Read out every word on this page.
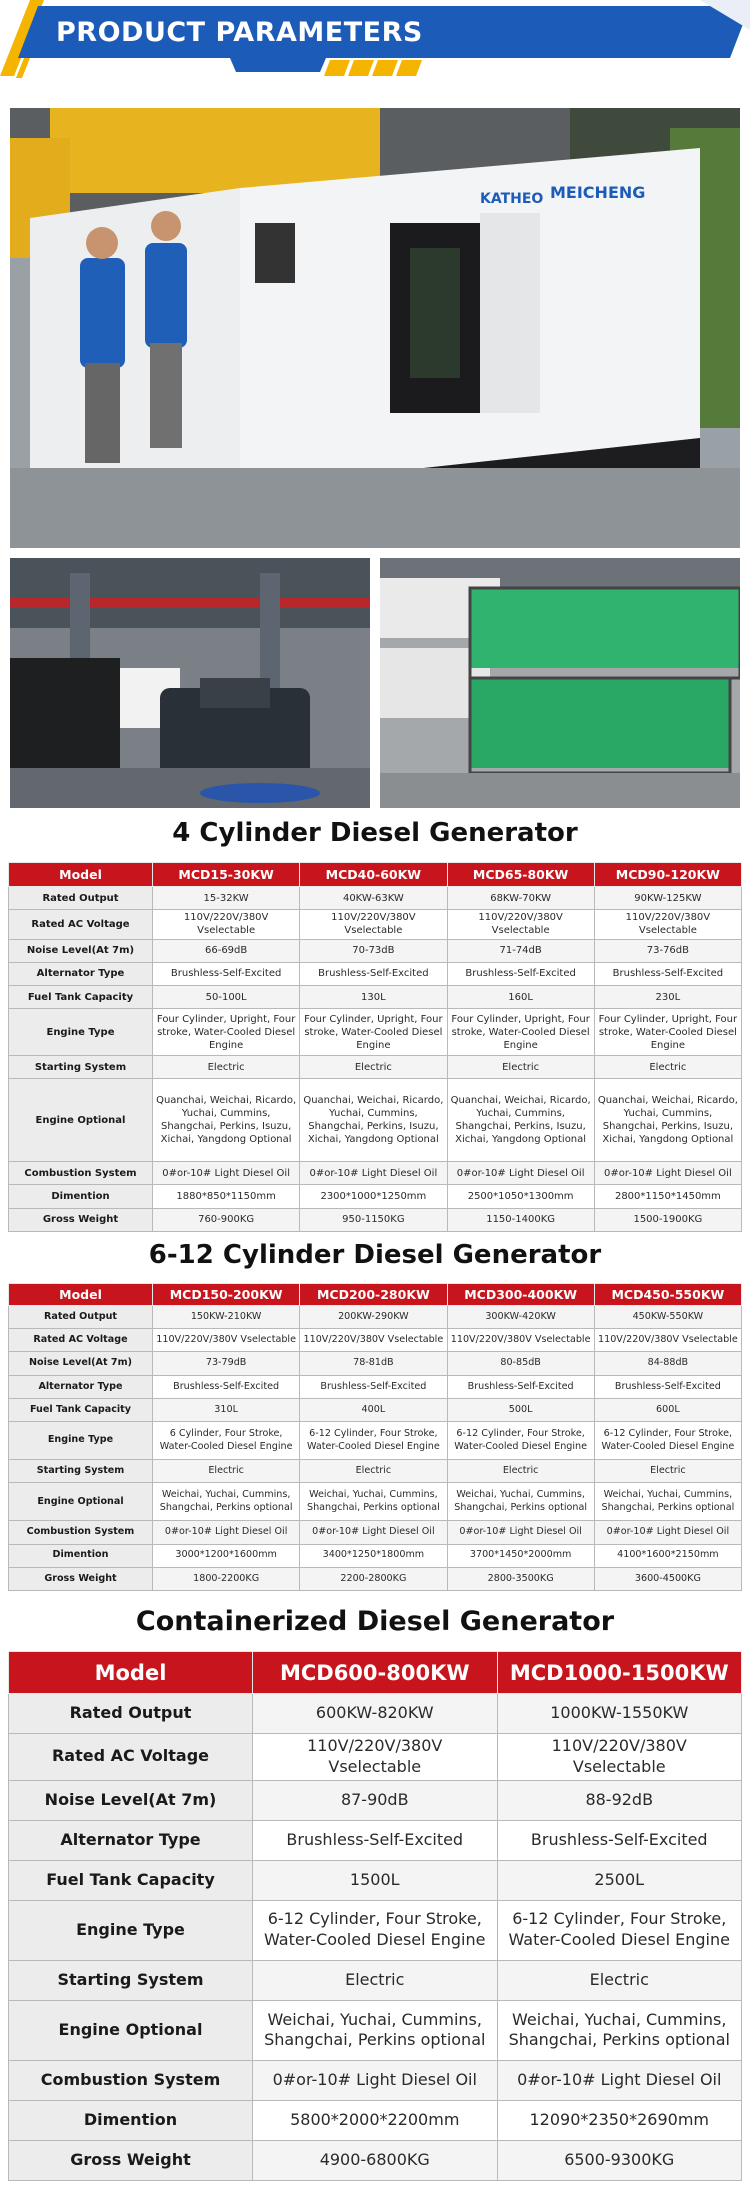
PRODUCT PARAMETERS
KATHEO MEICHENG
4 Cylinder Diesel Generator
Model	MCD15-30KW	MCD40-60KW	MCD65-80KW	MCD90-120KW
Rated Output	15-32KW	40KW-63KW	68KW-70KW	90KW-125KW
Rated AC Voltage	110V/220V/380V Vselectable	110V/220V/380V Vselectable	110V/220V/380V Vselectable	110V/220V/380V Vselectable
Noise Level(At 7m)	66-69dB	70-73dB	71-74dB	73-76dB
Alternator Type	Brushless-Self-Excited	Brushless-Self-Excited	Brushless-Self-Excited	Brushless-Self-Excited
Fuel Tank Capacity	50-100L	130L	160L	230L
Engine Type	Four Cylinder, Upright, Four stroke, Water-Cooled Diesel Engine	Four Cylinder, Upright, Four stroke, Water-Cooled Diesel Engine	Four Cylinder, Upright, Four stroke, Water-Cooled Diesel Engine	Four Cylinder, Upright, Four stroke, Water-Cooled Diesel Engine
Starting System	Electric	Electric	Electric	Electric
Engine Optional	Quanchai, Weichai, Ricardo, Yuchai, Cummins, Shangchai, Perkins, Isuzu, Xichai, Yangdong Optional	Quanchai, Weichai, Ricardo, Yuchai, Cummins, Shangchai, Perkins, Isuzu, Xichai, Yangdong Optional	Quanchai, Weichai, Ricardo, Yuchai, Cummins, Shangchai, Perkins, Isuzu, Xichai, Yangdong Optional	Quanchai, Weichai, Ricardo, Yuchai, Cummins, Shangchai, Perkins, Isuzu, Xichai, Yangdong Optional
Combustion System	0#or-10# Light Diesel Oil	0#or-10# Light Diesel Oil	0#or-10# Light Diesel Oil	0#or-10# Light Diesel Oil
Dimention	1880*850*1150mm	2300*1000*1250mm	2500*1050*1300mm	2800*1150*1450mm
Gross Weight	760-900KG	950-1150KG	1150-1400KG	1500-1900KG
6-12 Cylinder Diesel Generator
Model	MCD150-200KW	MCD200-280KW	MCD300-400KW	MCD450-550KW
Rated Output	150KW-210KW	200KW-290KW	300KW-420KW	450KW-550KW
Rated AC Voltage	110V/220V/380V Vselectable	110V/220V/380V Vselectable	110V/220V/380V Vselectable	110V/220V/380V Vselectable
Noise Level(At 7m)	73-79dB	78-81dB	80-85dB	84-88dB
Alternator Type	Brushless-Self-Excited	Brushless-Self-Excited	Brushless-Self-Excited	Brushless-Self-Excited
Fuel Tank Capacity	310L	400L	500L	600L
Engine Type	6 Cylinder, Four Stroke, Water-Cooled Diesel Engine	6-12 Cylinder, Four Stroke, Water-Cooled Diesel Engine	6-12 Cylinder, Four Stroke, Water-Cooled Diesel Engine	6-12 Cylinder, Four Stroke, Water-Cooled Diesel Engine
Starting System	Electric	Electric	Electric	Electric
Engine Optional	Weichai, Yuchai, Cummins, Shangchai, Perkins optional	Weichai, Yuchai, Cummins, Shangchai, Perkins optional	Weichai, Yuchai, Cummins, Shangchai, Perkins optional	Weichai, Yuchai, Cummins, Shangchai, Perkins optional
Combustion System	0#or-10# Light Diesel Oil	0#or-10# Light Diesel Oil	0#or-10# Light Diesel Oil	0#or-10# Light Diesel Oil
Dimention	3000*1200*1600mm	3400*1250*1800mm	3700*1450*2000mm	4100*1600*2150mm
Gross Weight	1800-2200KG	2200-2800KG	2800-3500KG	3600-4500KG
Containerized Diesel Generator
Model	MCD600-800KW	MCD1000-1500KW
Rated Output	600KW-820KW	1000KW-1550KW
Rated AC Voltage	110V/220V/380V Vselectable	110V/220V/380V Vselectable
Noise Level(At 7m)	87-90dB	88-92dB
Alternator Type	Brushless-Self-Excited	Brushless-Self-Excited
Fuel Tank Capacity	1500L	2500L
Engine Type	6-12 Cylinder, Four Stroke, Water-Cooled Diesel Engine	6-12 Cylinder, Four Stroke, Water-Cooled Diesel Engine
Starting System	Electric	Electric
Engine Optional	Weichai, Yuchai, Cummins, Shangchai, Perkins optional	Weichai, Yuchai, Cummins, Shangchai, Perkins optional
Combustion System	0#or-10# Light Diesel Oil	0#or-10# Light Diesel Oil
Dimention	5800*2000*2200mm	12090*2350*2690mm
Gross Weight	4900-6800KG	6500-9300KG
